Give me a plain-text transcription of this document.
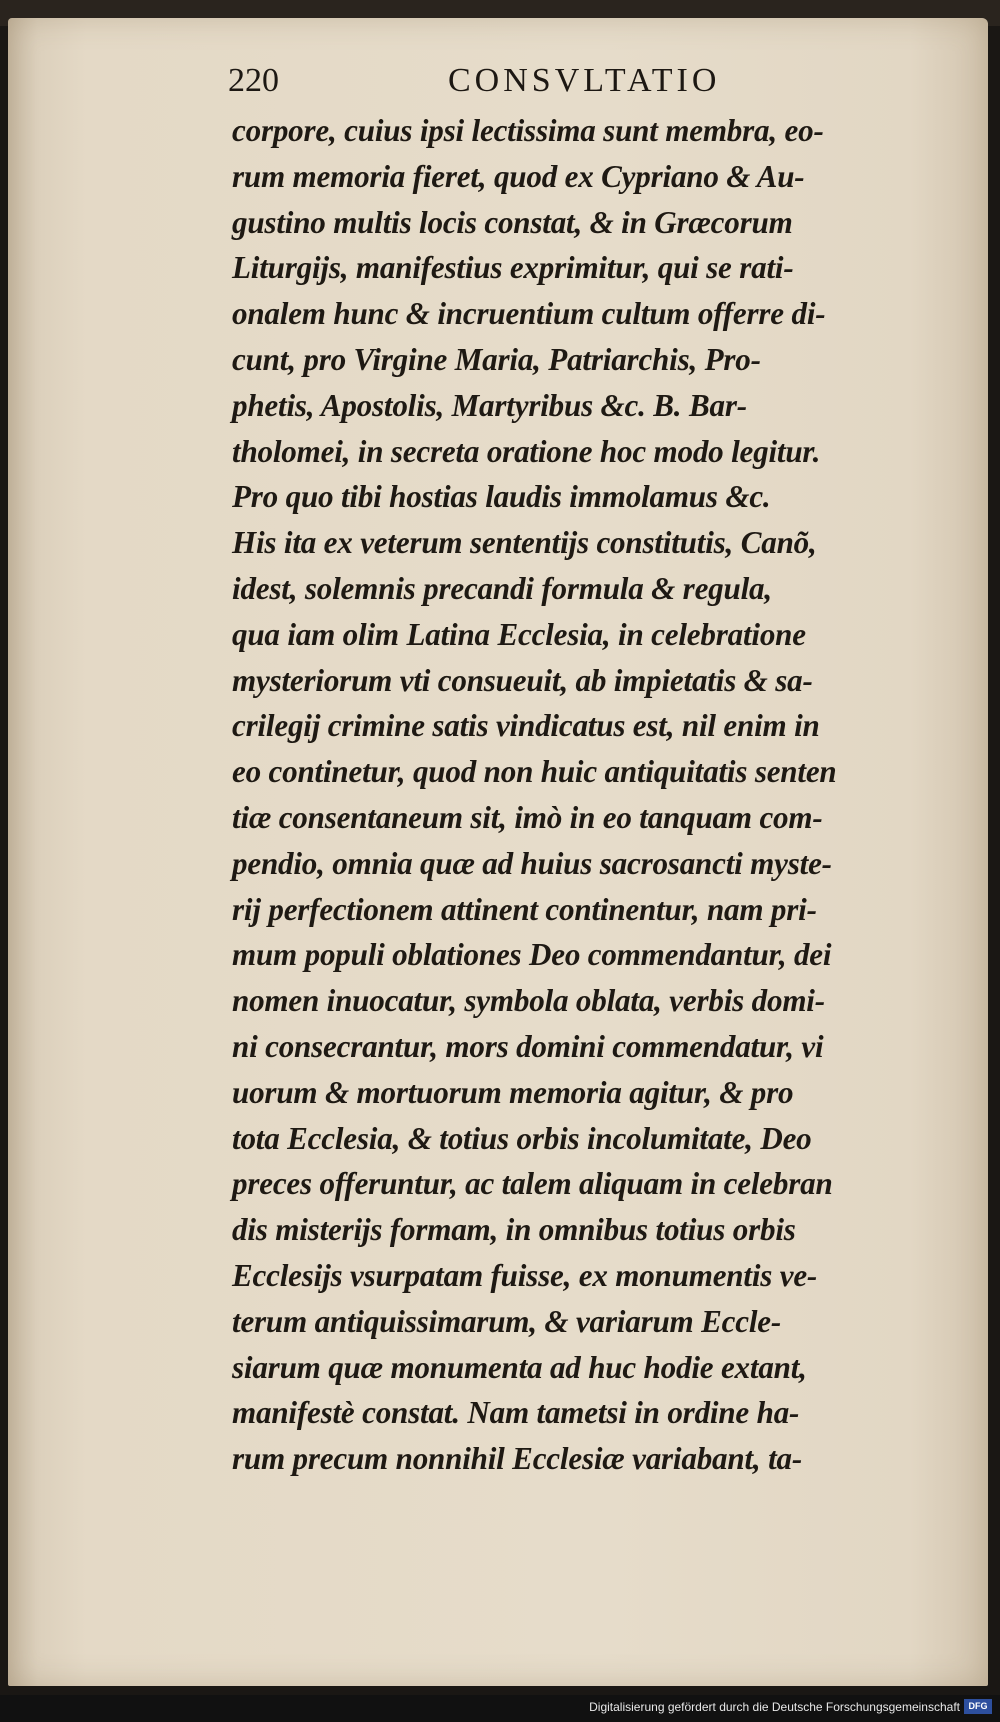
220	CONSVLTATIO
corpore, cuius ipsi lectissima sunt membra, eo-
rum memoria fieret, quod ex Cypriano & Au-
gustino multis locis constat, & in Græcorum
Liturgijs, manifestius exprimitur, qui se rati-
onalem hunc & incruentium cultum offerre di-
cunt, pro Virgine Maria, Patriarchis, Pro-
phetis, Apostolis, Martyribus &c. B. Bar-
tholomei, in secreta oratione hoc modo legitur.
Pro quo tibi hostias laudis immolamus &c.
His ita ex veterum sententijs constitutis, Canõ,
idest, solemnis precandi formula & regula,
qua iam olim Latina Ecclesia, in celebratione
mysteriorum vti consueuit, ab impietatis & sa-
crilegij crimine satis vindicatus est, nil enim in
eo continetur, quod non huic antiquitatis senten
tiæ consentaneum sit, imò in eo tanquam com-
pendio, omnia quæ ad huius sacrosancti myste-
rij perfectionem attinent continentur, nam pri-
mum populi oblationes Deo commendantur, dei
nomen inuocatur, symbola oblata, verbis domi-
ni consecrantur, mors domini commendatur, vi
uorum & mortuorum memoria agitur, & pro
tota Ecclesia, & totius orbis incolumitate, Deo
preces offeruntur, ac talem aliquam in celebran
dis misterijs formam, in omnibus totius orbis
Ecclesijs vsurpatam fuisse, ex monumentis ve-
terum antiquissimarum, & variarum Eccle-
siarum quæ monumenta ad huc hodie extant,
manifestè constat. Nam tametsi in ordine ha-
rum precum nonnihil Ecclesiæ variabant, ta-
Digitalisierung gefördert durch die Deutsche Forschungsgemeinschaft DFG
